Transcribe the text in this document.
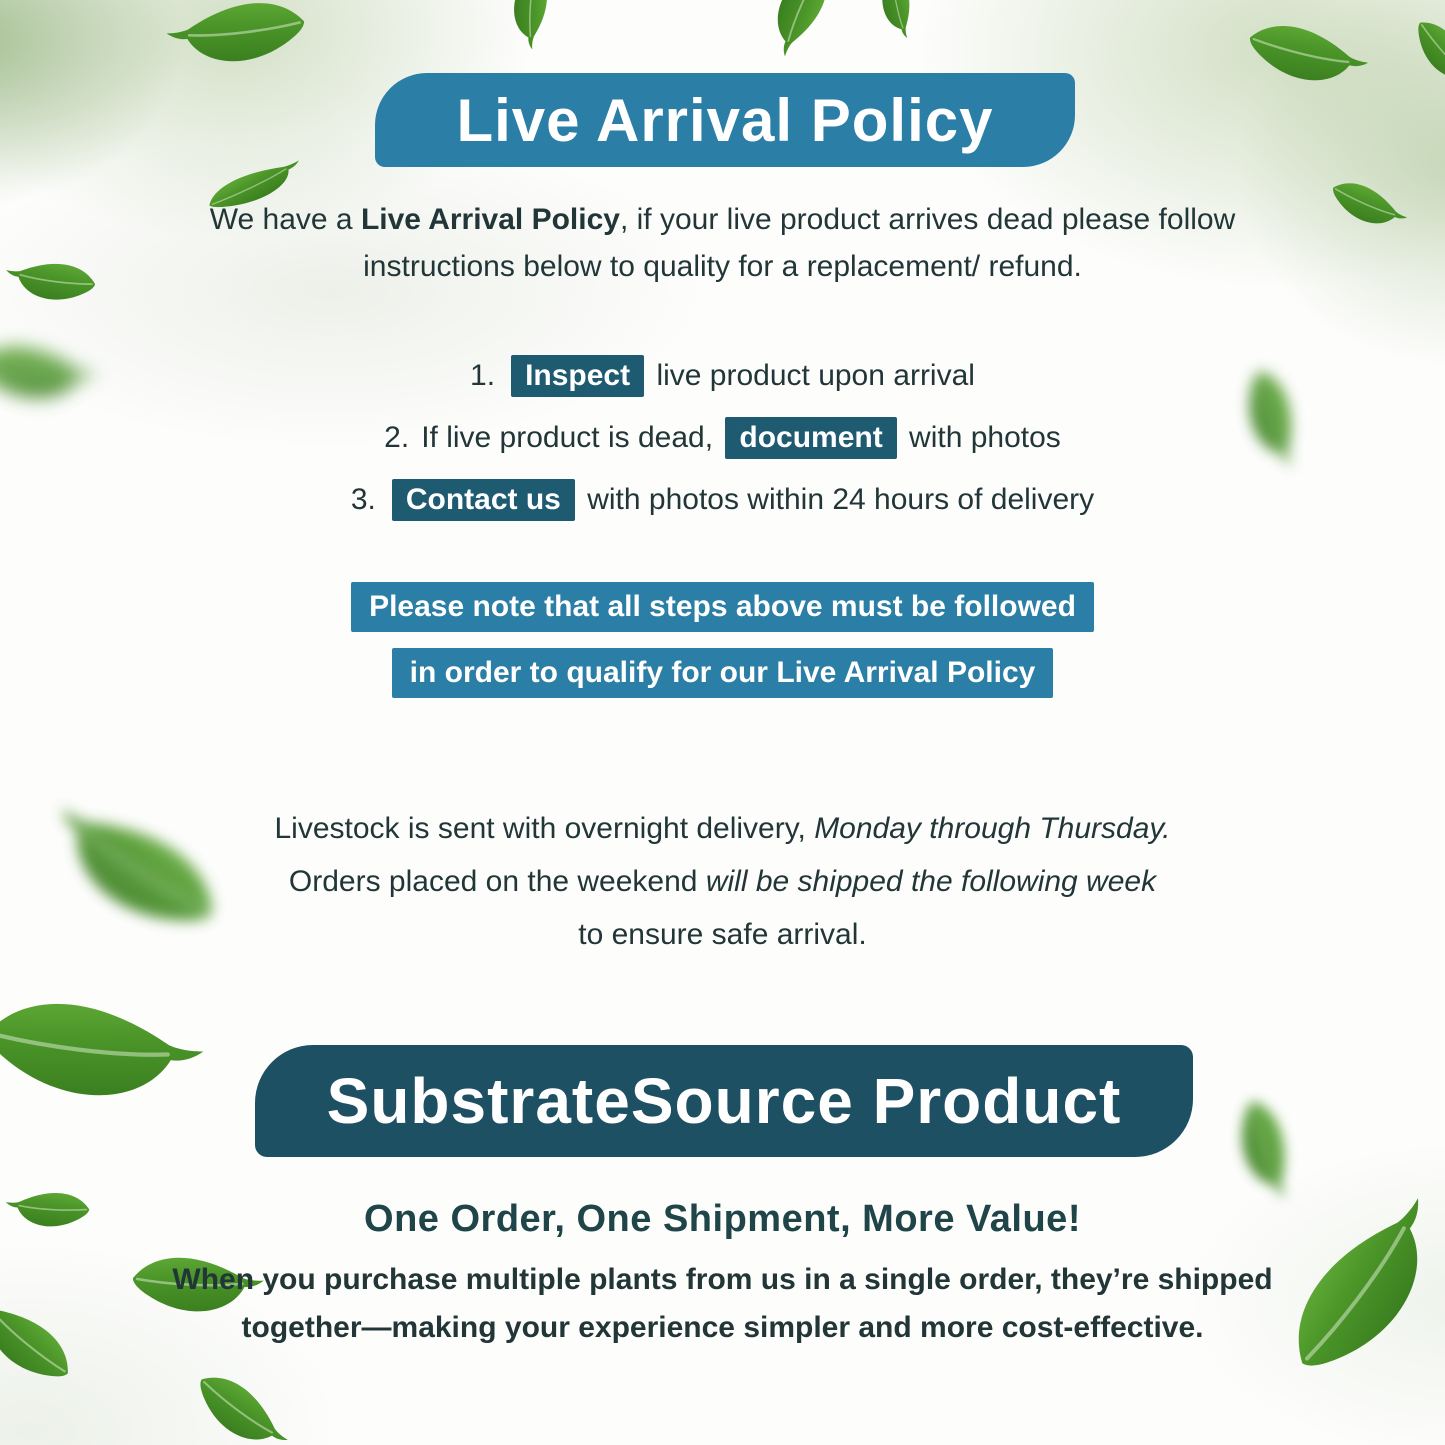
Live Arrival Policy

We have a Live Arrival Policy, if your live product arrives dead please follow
instructions below to quality for a replacement/ refund.

1.	Inspect live product upon arrival
2. If live product is dead, document with photos
3.	Contact us with photos within 24 hours of delivery
Please note that all steps above must be followed
in order to qualify for our Live Arrival Policy

Livestock is sent with overnight delivery, Monday through Thursday.
Orders placed on the weekend will be shipped the following week
to ensure safe arrival.

SubstrateSource Product
One Order, One Shipment, More Value!

When you purchase multiple plants from us in a single order, they’re shipped
together—making your experience simpler and more cost-effective.
